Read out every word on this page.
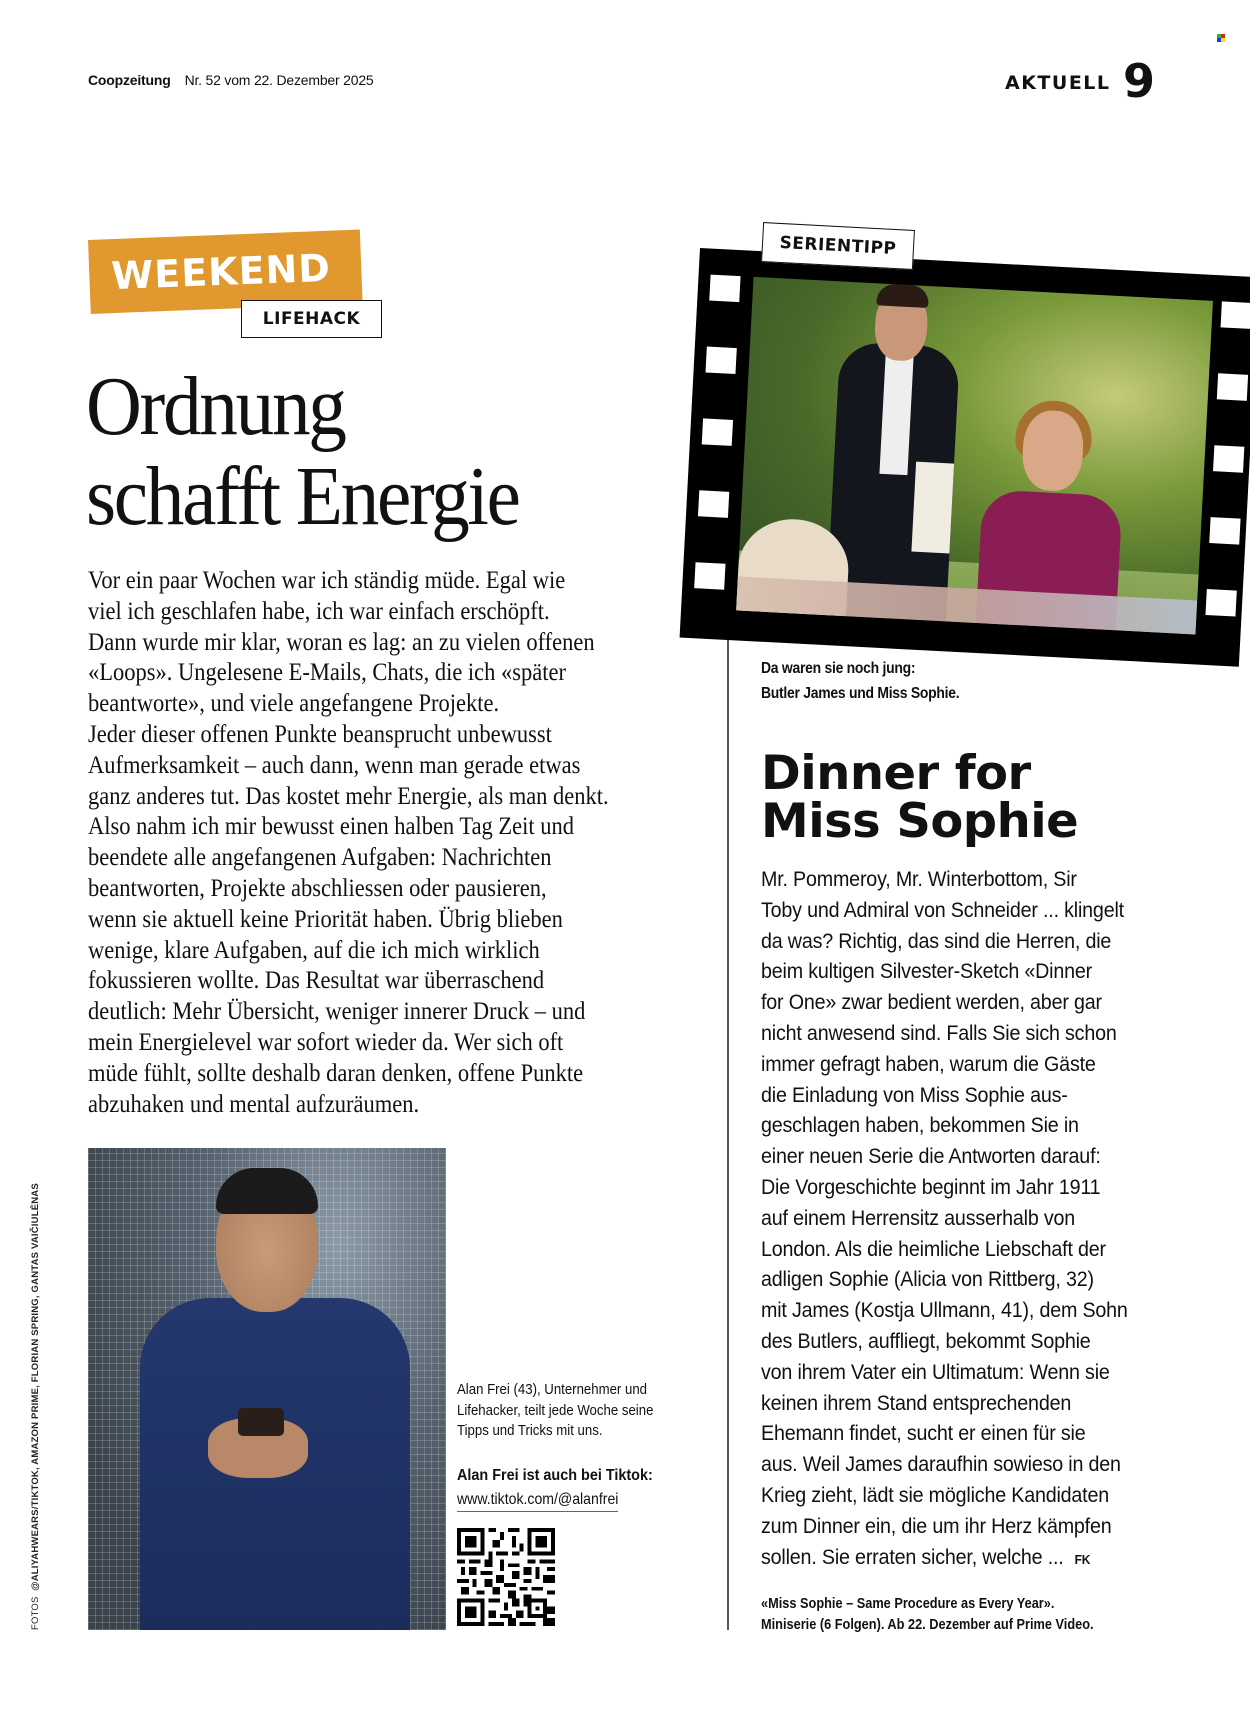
Coopzeitung Nr. 52 vom 22. Dezember 2025	AKTUELL 9
WEEKEND
LIFEHACK
Ordnung
schafft Energie

Vor ein paar Wochen war ich ständig müde. Egal wie

viel ich geschlafen habe, ich war einfach erschöpft.

Dann wurde mir klar, woran es lag: an zu vielen offenen

«Loops». Ungelesene E-Mails, Chats, die ich «später

beantworte», und viele angefangene Projekte.

Jeder dieser offenen Punkte beansprucht unbewusst

Aufmerksamkeit – auch dann, wenn man gerade etwas

ganz anderes tut. Das kostet mehr Energie, als man denkt.

Also nahm ich mir bewusst einen halben Tag Zeit und

beendete alle angefangenen Aufgaben: Nachrichten

beantworten, Projekte abschliessen oder pausieren,

wenn sie aktuell keine Priorität haben. Übrig blieben

wenige, klare Aufgaben, auf die ich mich wirklich

fokussieren wollte. Das Resultat war überraschend

deutlich: Mehr Übersicht, weniger innerer Druck – und

mein Energielevel war sofort wieder da. Wer sich oft

müde fühlt, sollte deshalb daran denken, offene Punkte

abzuhaken und mental aufzuräumen.

Alan Frei (43), Unternehmer und

Lifehacker, teilt jede Woche seine

Tipps und Tricks mit uns.

Alan Frei ist auch bei Tiktok:
www.tiktok.com/@alanfrei
FOTOS  @ALIYAHWEARS/TIKTOK, AMAZON PRIME, FLORIAN SPRING, GANTAS VAIČIULĖNAS
SERIENTIPP

Da waren sie noch jung:

Butler James und Miss Sophie.

Dinner for
Miss Sophie

Mr. Pommeroy, Mr. Winterbottom, Sir

Toby und Admiral von Schneider ... klingelt

da was? Richtig, das sind die Herren, die

beim kultigen Silvester-Sketch «Dinner

for One» zwar bedient werden, aber gar

nicht anwesend sind. Falls Sie sich schon

immer gefragt haben, warum die Gäste

die Einladung von Miss Sophie aus-

geschlagen haben, bekommen Sie in

einer neuen Serie die Antworten darauf:

Die Vorgeschichte beginnt im Jahr 1911

auf einem Herrensitz ausserhalb von

London. Als die heimliche Liebschaft der

adligen Sophie (Alicia von Rittberg, 32)

mit James (Kostja Ullmann, 41), dem Sohn

des Butlers, auffliegt, bekommt Sophie

von ihrem Vater ein Ultimatum: Wenn sie

keinen ihrem Stand entsprechenden

Ehemann findet, sucht er einen für sie

aus. Weil James daraufhin sowieso in den

Krieg zieht, lädt sie mögliche Kandidaten

zum Dinner ein, die um ihr Herz kämpfen

sollen. Sie erraten sicher, welche ... FK

«Miss Sophie – Same Procedure as Every Year».

Miniserie (6 Folgen). Ab 22. Dezember auf Prime Video.
